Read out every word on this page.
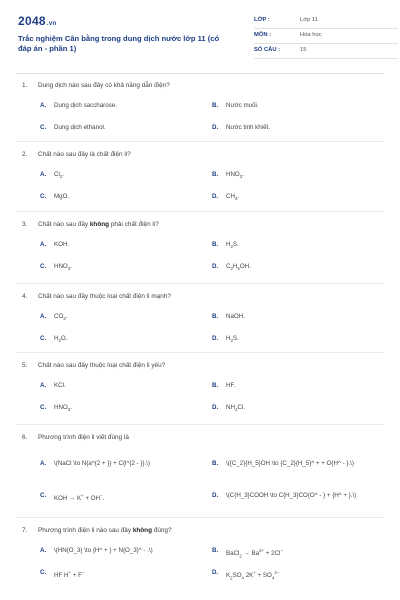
2048.vn
Trắc nghiệm Cân bằng trong dung dịch nước lớp 11 (có đáp án - phần 1)
LỚP :	Lớp 11
MÔN :	Hóa học
SỐ CÂU :	15
1. Dung dịch nào sau đây có khả năng dẫn điện?
A. Dung dịch saccharose.	B. Nước muối.
C. Dung dịch ethanol.	D. Nước tinh khiết.
2. Chất nào sau đây là chất điện li?
A. $Cl_2$.	B. $HNO_3$.
C. MgO.	D. $CH_4$.
3. Chất nào sau đây không phải chất điện li?
A. KOH.	B. $H_2S$.
C. $HNO_3$.	D. $C_2H_5OH$.
4. Chất nào sau đây thuộc loại chất điện li mạnh?
A. $CO_2$.	B. NaOH.
C. $H_2O$.	D. $H_2S$.
5. Chất nào sau đây thuộc loại chất điện li yếu?
A. KCl.	B. HF.
C. $HNO_3$.	D. $NH_4Cl$.
6. Phương trình điện li viết đúng là
A. \(NaCl \to N{a^{2 + }} + C{l^{2 - }}.\)	B. \({C_2}{H_5}OH \to {C_2}{H_5}^ + + O{H^ - }.\)
C. KOH → K+ + OH−.	D. \(C{H_3}COOH \to C{H_3}CO{O^ - } + {H^ + }.\)
7. Phương trình điện li nào sau đây không đúng?
A. \(HN{O_3} \to {H^ + } + N{O_3}^ - .\)	B. BaCl$_2$ → $Ba^{2+} + 2Cl^-$
C. HF H+ + F−	D. $K_2SO_4$ $2K^+ + SO_4^{2-}$
